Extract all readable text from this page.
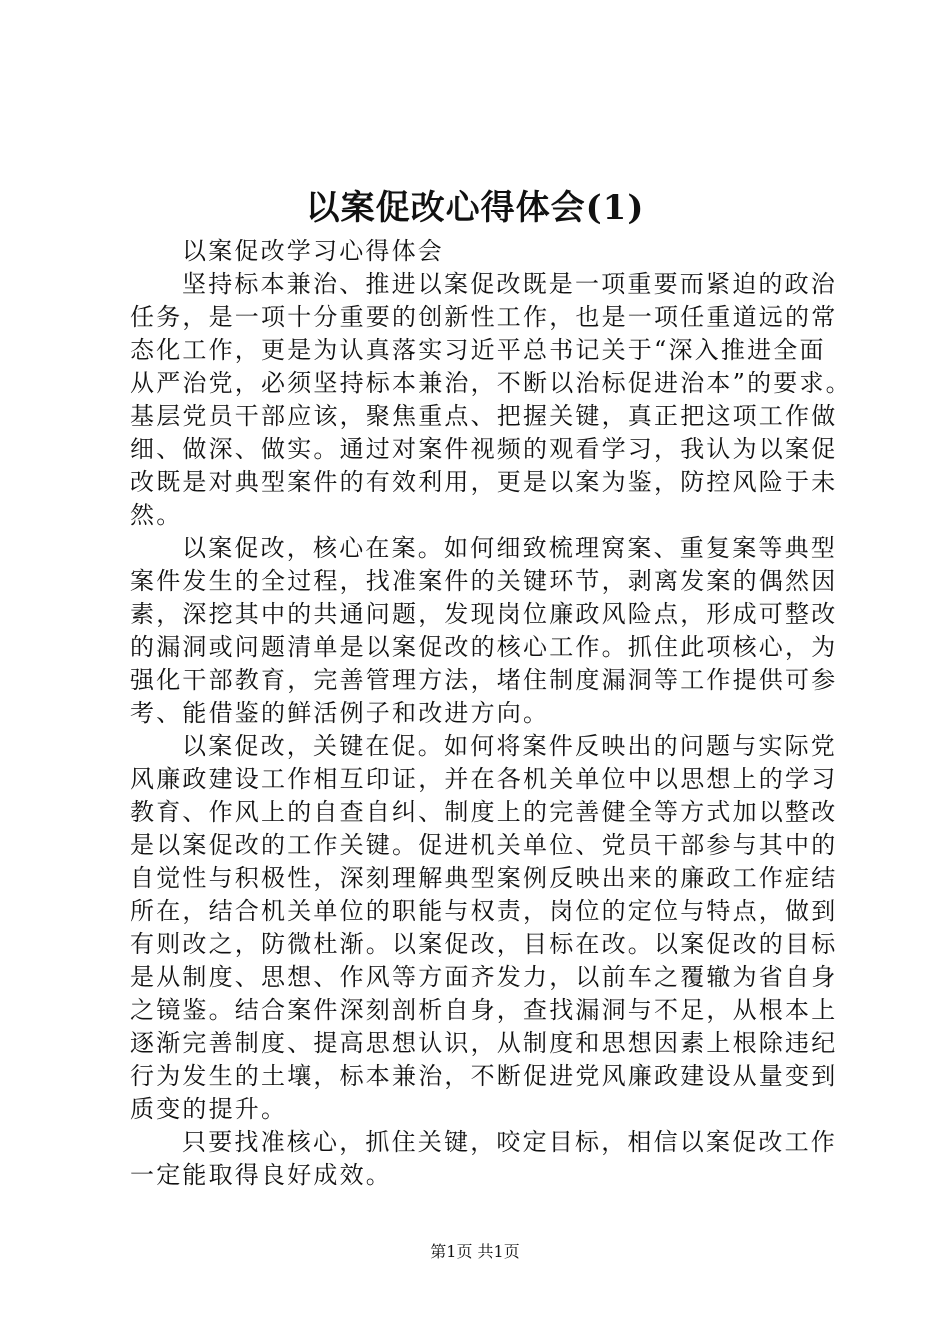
以案促改心得体会(1)
以案促改学习心得体会
坚持标本兼治、推进以案促改既是一项重要而紧迫的政治
任务，是一项十分重要的创新性工作，也是一项任重道远的常
态化工作，更是为认真落实习近平总书记关于“深入推进全面
从严治党，必须坚持标本兼治，不断以治标促进治本”的要求。
基层党员干部应该，聚焦重点、把握关键，真正把这项工作做
细、做深、做实。通过对案件视频的观看学习，我认为以案促
改既是对典型案件的有效利用，更是以案为鉴，防控风险于未
然。
以案促改，核心在案。如何细致梳理窝案、重复案等典型
案件发生的全过程，找准案件的关键环节，剥离发案的偶然因
素，深挖其中的共通问题，发现岗位廉政风险点，形成可整改
的漏洞或问题清单是以案促改的核心工作。抓住此项核心，为
强化干部教育，完善管理方法，堵住制度漏洞等工作提供可参
考、能借鉴的鲜活例子和改进方向。
以案促改，关键在促。如何将案件反映出的问题与实际党
风廉政建设工作相互印证，并在各机关单位中以思想上的学习
教育、作风上的自查自纠、制度上的完善健全等方式加以整改
是以案促改的工作关键。促进机关单位、党员干部参与其中的
自觉性与积极性，深刻理解典型案例反映出来的廉政工作症结
所在，结合机关单位的职能与权责，岗位的定位与特点，做到
有则改之，防微杜渐。以案促改，目标在改。以案促改的目标
是从制度、思想、作风等方面齐发力，以前车之覆辙为省自身
之镜鉴。结合案件深刻剖析自身，查找漏洞与不足，从根本上
逐渐完善制度、提高思想认识，从制度和思想因素上根除违纪
行为发生的土壤，标本兼治，不断促进党风廉政建设从量变到
质变的提升。
只要找准核心，抓住关键，咬定目标，相信以案促改工作
一定能取得良好成效。
第1页 共1页
